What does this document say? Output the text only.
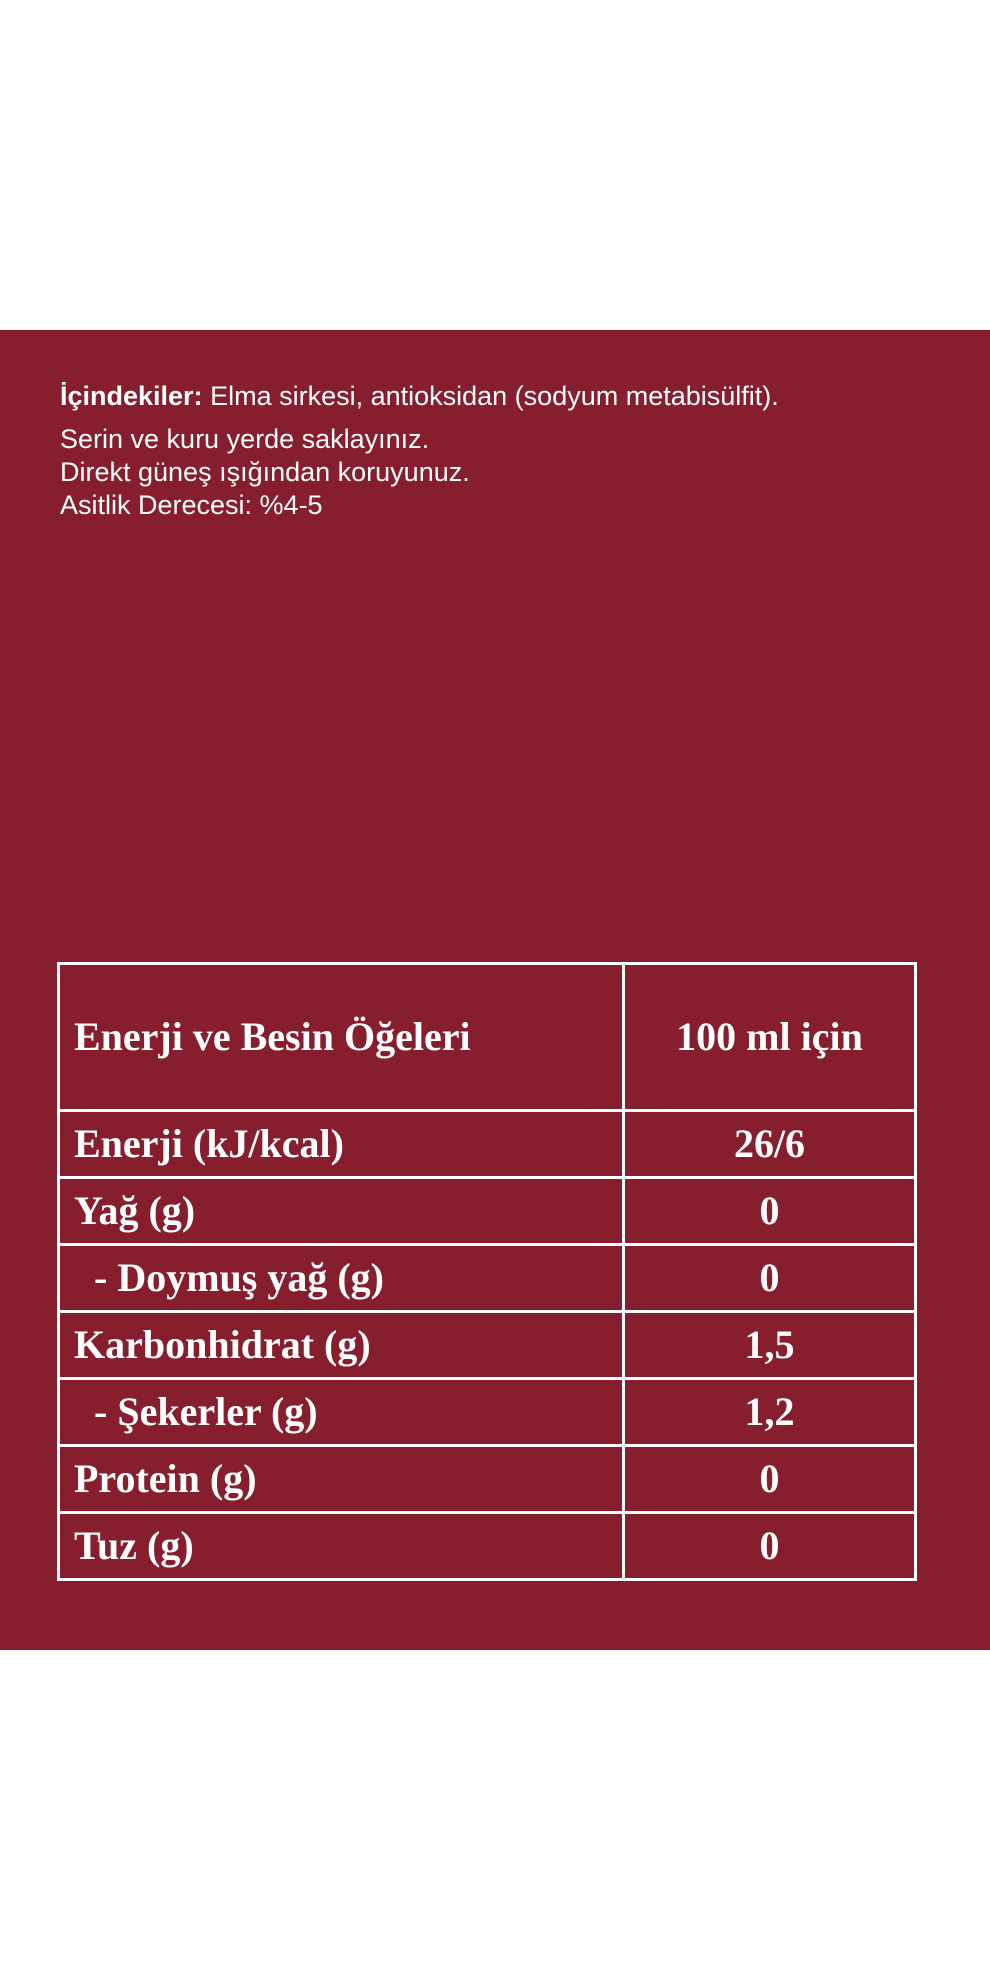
İçindekiler: Elma sirkesi, antioksidan (sodyum metabisülfit).

Serin ve kuru yerde saklayınız.

Direkt güneş ışığından koruyunuz.

Asitlik Derecesi: %4-5

Enerji ve Besin Öğeleri	100 ml için
Enerji (kJ/kcal)	26/6
Yağ (g)	0
- Doymuş yağ (g)	0
Karbonhidrat (g)	1,5
- Şekerler (g)	1,2
Protein (g)	0
Tuz (g)	0
